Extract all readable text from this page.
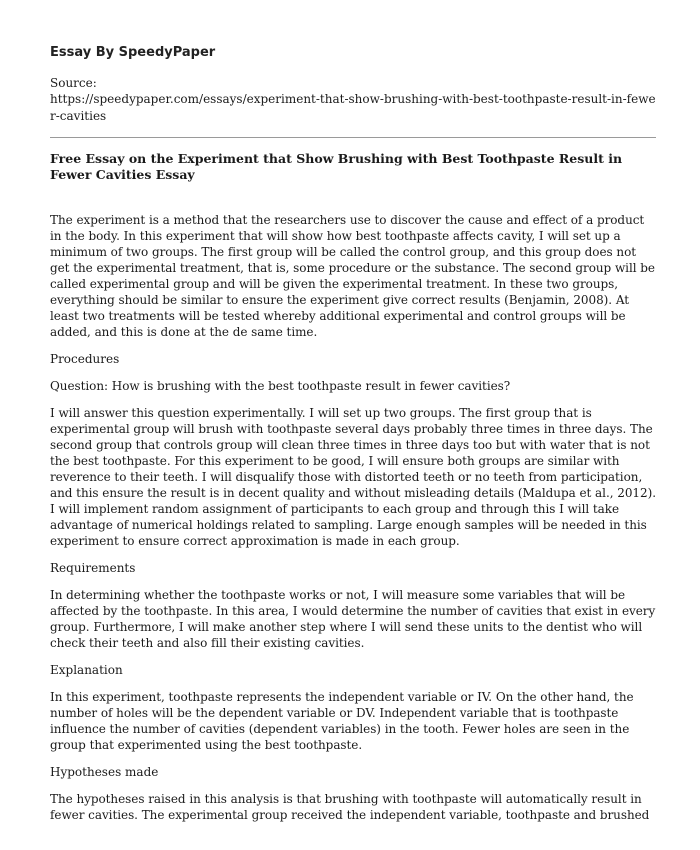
Essay By SpeedyPaper
Source:
https://speedypaper.com/essays/experiment-that-show-brushing-with-best-toothpaste-result-in-fewer-cavities
Free Essay on the Experiment that Show Brushing with Best Toothpaste Result in Fewer Cavities Essay

The experiment is a method that the researchers use to discover the cause and effect of a product in the body. In this experiment that will show how best toothpaste affects cavity, I will set up a minimum of two groups. The first group will be called the control group, and this group does not get the experimental treatment, that is, some procedure or the substance. The second group will be called experimental group and will be given the experimental treatment. In these two groups, everything should be similar to ensure the experiment give correct results (Benjamin, 2008). At least two treatments will be tested whereby additional experimental and control groups will be added, and this is done at the de same time.

Procedures

Question: How is brushing with the best toothpaste result in fewer cavities?

I will answer this question experimentally. I will set up two groups. The first group that is experimental group will brush with toothpaste several days probably three times in three days. The second group that controls group will clean three times in three days too but with water that is not the best toothpaste. For this experiment to be good, I will ensure both groups are similar with reverence to their teeth. I will disqualify those with distorted teeth or no teeth from participation, and this ensure the result is in decent quality and without misleading details (Maldupa et al., 2012). I will implement random assignment of participants to each group and through this I will take advantage of numerical holdings related to sampling. Large enough samples will be needed in this experiment to ensure correct approximation is made in each group.

Requirements

In determining whether the toothpaste works or not, I will measure some variables that will be affected by the toothpaste. In this area, I would determine the number of cavities that exist in every group. Furthermore, I will make another step where I will send these units to the dentist who will check their teeth and also fill their existing cavities.

Explanation

In this experiment, toothpaste represents the independent variable or IV. On the other hand, the number of holes will be the dependent variable or DV. Independent variable that is toothpaste influence the number of cavities (dependent variables) in the tooth. Fewer holes are seen in the group that experimented using the best toothpaste.

Hypotheses made

The hypotheses raised in this analysis is that brushing with toothpaste will automatically result in fewer cavities. The experimental group received the independent variable, toothpaste and brushed
